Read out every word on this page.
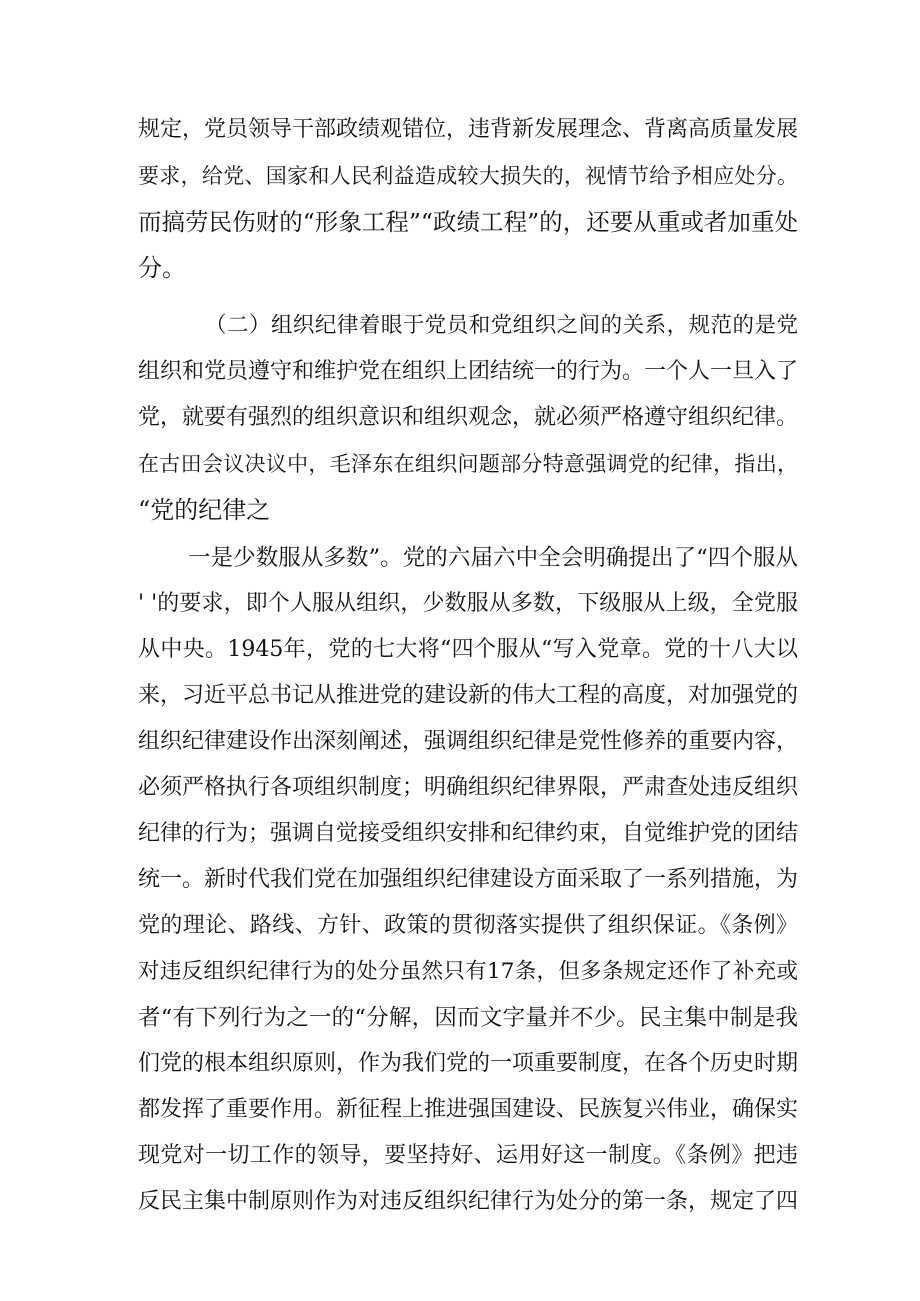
规定，党员领导干部政绩观错位，违背新发展理念、背离高质量发展
要求，给党、国家和人民利益造成较大损失的，视情节给予相应处分。
而搞劳民伤财的“形象工程”“政绩工程”的，还要从重或者加重处
分。
（二）组织纪律着眼于党员和党组织之间的关系，规范的是党
组织和党员遵守和维护党在组织上团结统一的行为。一个人一旦入了
党，就要有强烈的组织意识和组织观念，就必须严格遵守组织纪律。
在古田会议决议中，毛泽东在组织问题部分特意强调党的纪律，指出，
“党的纪律之
一是少数服从多数”。党的六届六中全会明确提出了“四个服从
' '的要求，即个人服从组织，少数服从多数，下级服从上级，全党服
从中央。1945年，党的七大将“四个服从“写入党章。党的十八大以
来，习近平总书记从推进党的建设新的伟大工程的高度，对加强党的
组织纪律建设作出深刻阐述，强调组织纪律是党性修养的重要内容，
必须严格执行各项组织制度；明确组织纪律界限，严肃查处违反组织
纪律的行为；强调自觉接受组织安排和纪律约束，自觉维护党的团结
统一。新时代我们党在加强组织纪律建设方面采取了一系列措施，为
党的理论、路线、方针、政策的贯彻落实提供了组织保证。《条例》
对违反组织纪律行为的处分虽然只有17条，但多条规定还作了补充或
者“有下列行为之一的“分解，因而文字量并不少。民主集中制是我
们党的根本组织原则，作为我们党的一项重要制度，在各个历史时期
都发挥了重要作用。新征程上推进强国建设、民族复兴伟业，确保实
现党对一切工作的领导，要坚持好、运用好这一制度。《条例》把违
反民主集中制原则作为对违反组织纪律行为处分的第一条，规定了四
